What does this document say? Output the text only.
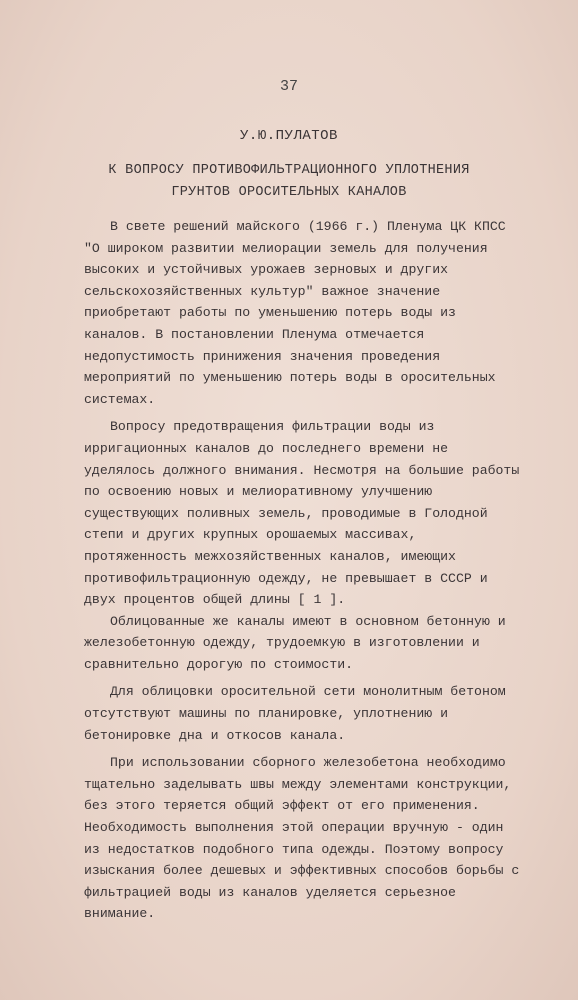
37
У.Ю.ПУЛАТОВ
К ВОПРОСУ ПРОТИВОФИЛЬТРАЦИОННОГО УПЛОТНЕНИЯ
ГРУНТОВ ОРОСИТЕЛЬНЫХ КАНАЛОВ

В свете решений майского (1966 г.) Пленума ЦК КПСС "О широком развитии мелиорации земель для получения высоких и устойчивых урожаев зерновых и других сельскохозяйственных культур" важное значение приобретают работы по уменьшению потерь воды из каналов. В постановлении Пленума отмечается недопустимость принижения значения проведения мероприятий по уменьшению потерь воды в оросительных системах.

Вопросу предотвращения фильтрации воды из ирригационных каналов до последнего времени не уделялось должного внимания. Несмотря на большие работы по освоению новых и мелиоративному улучшению существующих поливных земель, проводимые в Голодной степи и других крупных орошаемых массивах, протяженность межхозяйственных каналов, имеющих противофильтрационную одежду, не превышает в СССР и двух процентов общей длины [ 1 ].

Облицованные же каналы имеют в основном бетонную и железобетонную одежду, трудоемкую в изготовлении и сравнительно дорогую по стоимости.

Для облицовки оросительной сети монолитным бетоном отсутствуют машины по планировке, уплотнению и бетонировке дна и откосов канала.

При использовании сборного железобетона необходимо тщательно заделывать швы между элементами конструкции, без этого теряется общий эффект от его применения. Необходимость выполнения этой операции вручную - один из недостатков подобного типа одежды. Поэтому вопросу изыскания более дешевых и эффективных способов борьбы с фильтрацией воды из каналов уделяется серьезное внимание.
